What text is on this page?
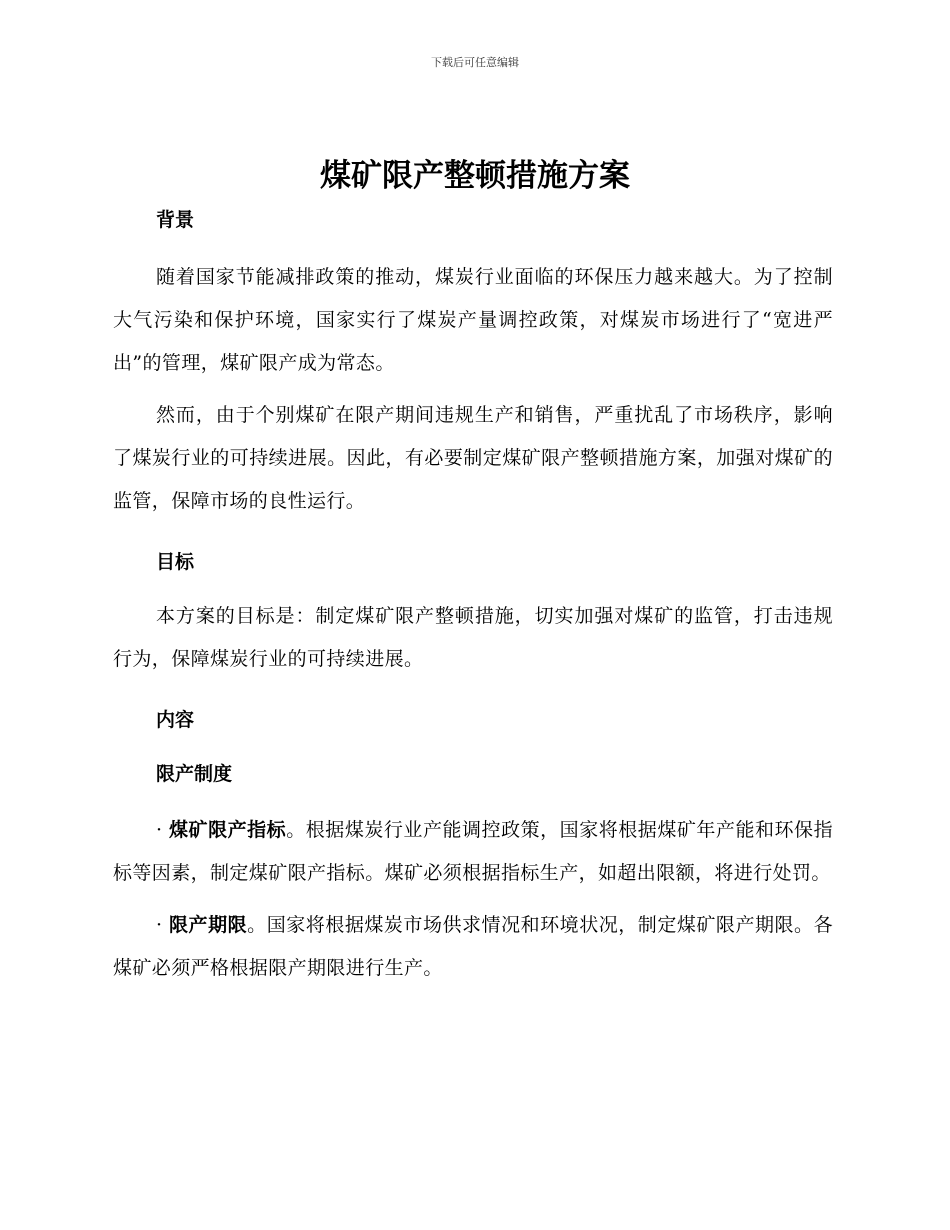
下载后可任意编辑
煤矿限产整顿措施方案
背景

随着国家节能减排政策的推动，煤炭行业面临的环保压力越来越大。为了控制大气污染和保护环境，国家实行了煤炭产量调控政策，对煤炭市场进行了“宽进严出”的管理，煤矿限产成为常态。

然而，由于个别煤矿在限产期间违规生产和销售，严重扰乱了市场秩序，影响了煤炭行业的可持续进展。因此，有必要制定煤矿限产整顿措施方案，加强对煤矿的监管，保障市场的良性运行。

目标

本方案的目标是：制定煤矿限产整顿措施，切实加强对煤矿的监管，打击违规行为，保障煤炭行业的可持续进展。

内容
限产制度

· 煤矿限产指标。根据煤炭行业产能调控政策，国家将根据煤矿年产能和环保指标等因素，制定煤矿限产指标。煤矿必须根据指标生产，如超出限额，将进行处罚。

· 限产期限。国家将根据煤炭市场供求情况和环境状况，制定煤矿限产期限。各煤矿必须严格根据限产期限进行生产。
